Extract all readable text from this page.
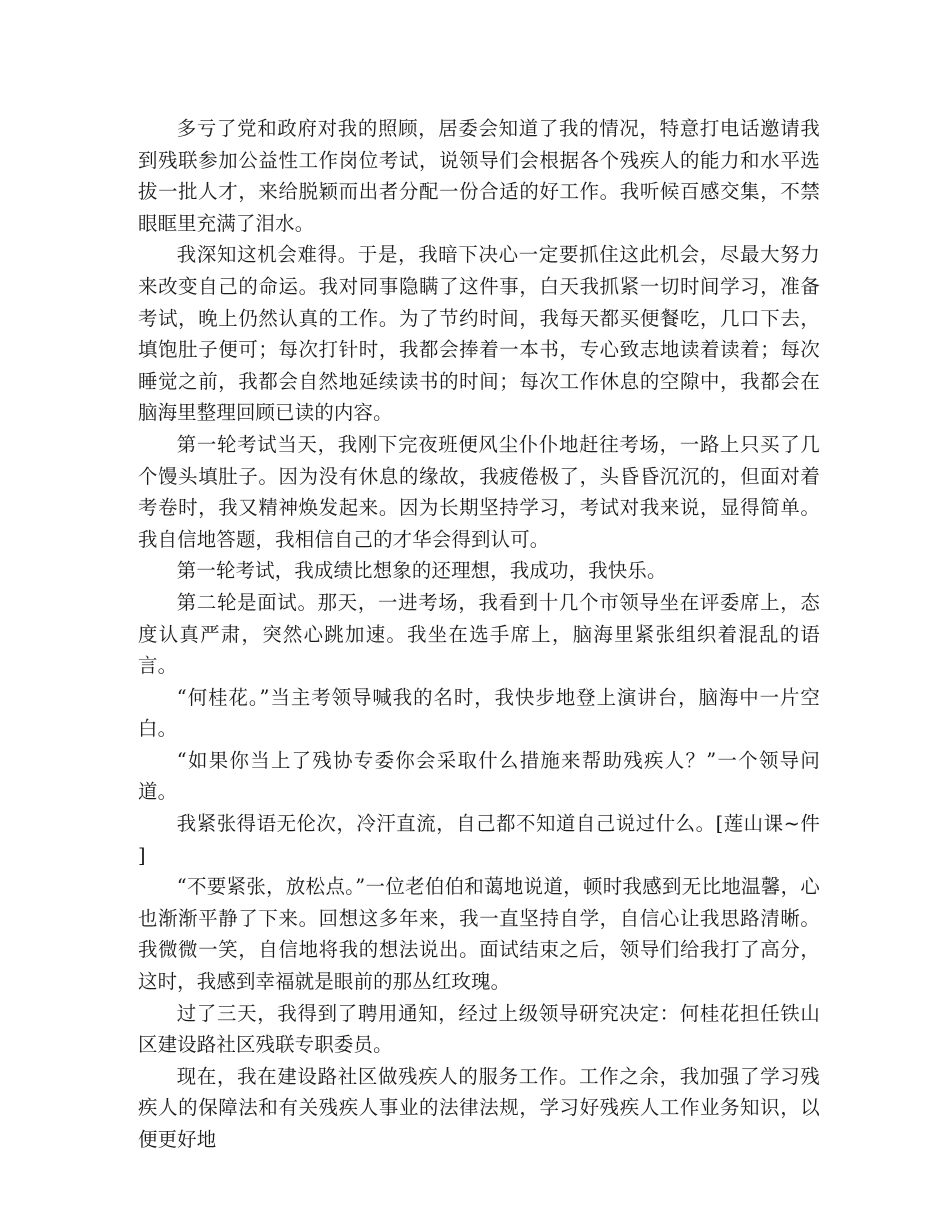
多亏了党和政府对我的照顾，居委会知道了我的情况，特意打电话邀请我到残联参加公益性工作岗位考试，说领导们会根据各个残疾人的能力和水平选拔一批人才，来给脱颖而出者分配一份合适的好工作。我听候百感交集，不禁眼眶里充满了泪水。

我深知这机会难得。于是，我暗下决心一定要抓住这此机会，尽最大努力来改变自己的命运。我对同事隐瞒了这件事，白天我抓紧一切时间学习，准备考试，晚上仍然认真的工作。为了节约时间，我每天都买便餐吃，几口下去，填饱肚子便可；每次打针时，我都会捧着一本书，专心致志地读着读着；每次睡觉之前，我都会自然地延续读书的时间；每次工作休息的空隙中，我都会在脑海里整理回顾已读的内容。

第一轮考试当天，我刚下完夜班便风尘仆仆地赶往考场，一路上只买了几个馒头填肚子。因为没有休息的缘故，我疲倦极了，头昏昏沉沉的，但面对着考卷时，我又精神焕发起来。因为长期坚持学习，考试对我来说，显得简单。我自信地答题，我相信自己的才华会得到认可。

第一轮考试，我成绩比想象的还理想，我成功，我快乐。

第二轮是面试。那天，一进考场，我看到十几个市领导坐在评委席上，态度认真严肃，突然心跳加速。我坐在选手席上，脑海里紧张组织着混乱的语言。

“何桂花。”当主考领导喊我的名时，我快步地登上演讲台，脑海中一片空白。

“如果你当上了残协专委你会采取什么措施来帮助残疾人？”一个领导问道。

我紧张得语无伦次，冷汗直流，自己都不知道自己说过什么。[莲山课~件 ]

“不要紧张，放松点。”一位老伯伯和蔼地说道，顿时我感到无比地温馨，心也渐渐平静了下来。回想这多年来，我一直坚持自学，自信心让我思路清晰。我微微一笑，自信地将我的想法说出。面试结束之后，领导们给我打了高分，这时，我感到幸福就是眼前的那丛红玫瑰。

过了三天，我得到了聘用通知，经过上级领导研究决定：何桂花担任铁山区建设路社区残联专职委员。

现在，我在建设路社区做残疾人的服务工作。工作之余，我加强了学习残疾人的保障法和有关残疾人事业的法律法规，学习好残疾人工作业务知识，以便更好地
